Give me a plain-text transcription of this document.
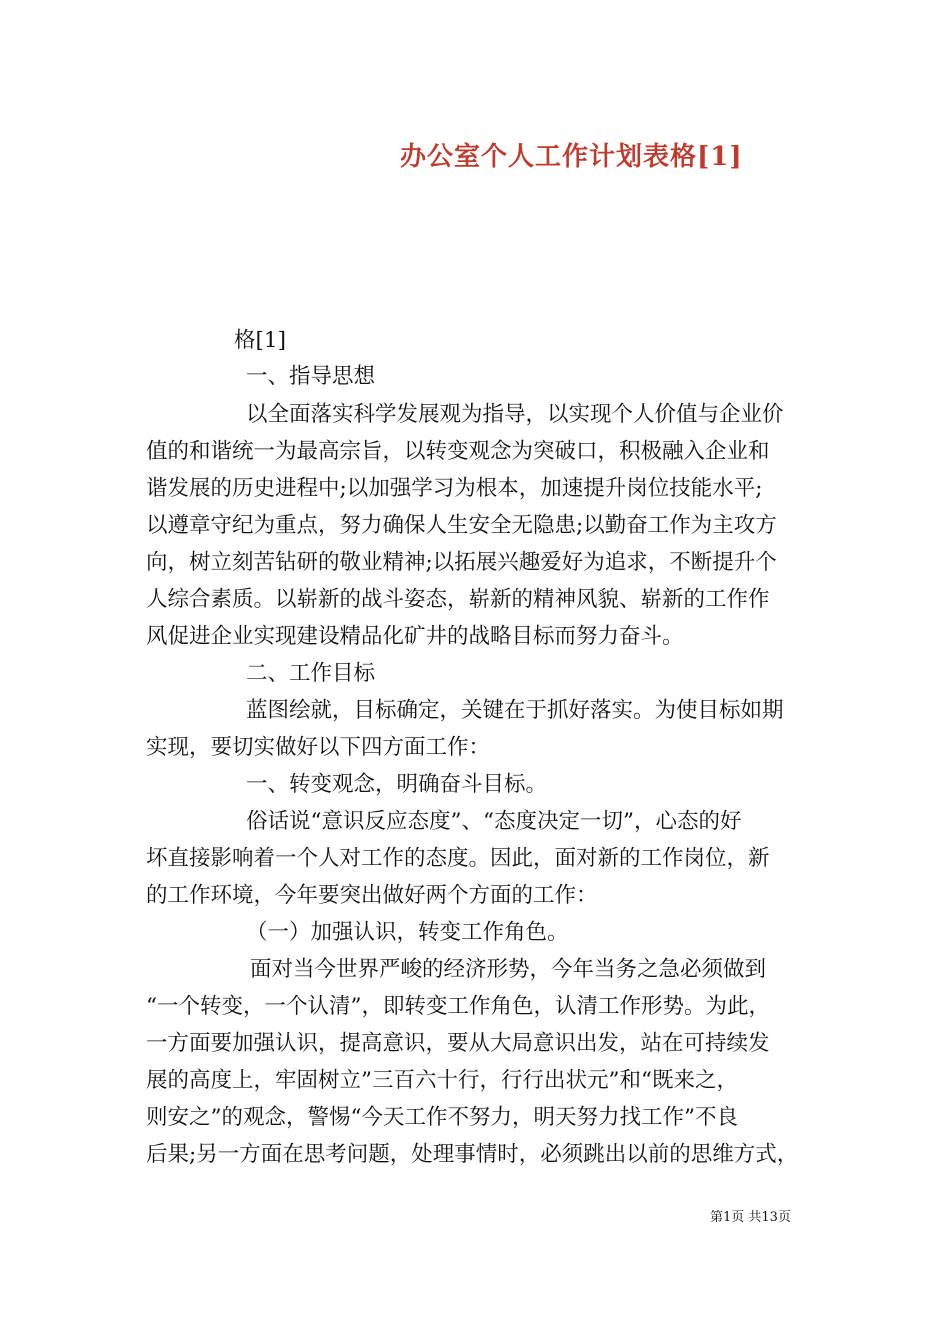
办公室个人工作计划表格[1]
格[1]
一、指导思想
以全面落实科学发展观为指导，以实现个人价值与企业价
值的和谐统一为最高宗旨，以转变观念为突破口，积极融入企业和
谐发展的历史进程中;以加强学习为根本，加速提升岗位技能水平;
以遵章守纪为重点，努力确保人生安全无隐患;以勤奋工作为主攻方
向，树立刻苦钻研的敬业精神;以拓展兴趣爱好为追求，不断提升个
人综合素质。以崭新的战斗姿态，崭新的精神风貌、崭新的工作作
风促进企业实现建设精品化矿井的战略目标而努力奋斗。
二、工作目标
蓝图绘就，目标确定，关键在于抓好落实。为使目标如期
实现，要切实做好以下四方面工作：
一、转变观念，明确奋斗目标。
俗话说“意识反应态度”、“态度决定一切”，心态的好
坏直接影响着一个人对工作的态度。因此，面对新的工作岗位，新
的工作环境，今年要突出做好两个方面的工作：
（一）加强认识，转变工作角色。
面对当今世界严峻的经济形势，今年当务之急必须做到
“一个转变，一个认清”，即转变工作角色，认清工作形势。为此，
一方面要加强认识，提高意识，要从大局意识出发，站在可持续发
展的高度上，牢固树立”三百六十行，行行出状元”和“既来之，
则安之”的观念，警惕“今天工作不努力，明天努力找工作”不良
后果;另一方面在思考问题，处理事情时，必须跳出以前的思维方式，
第1页 共13页
